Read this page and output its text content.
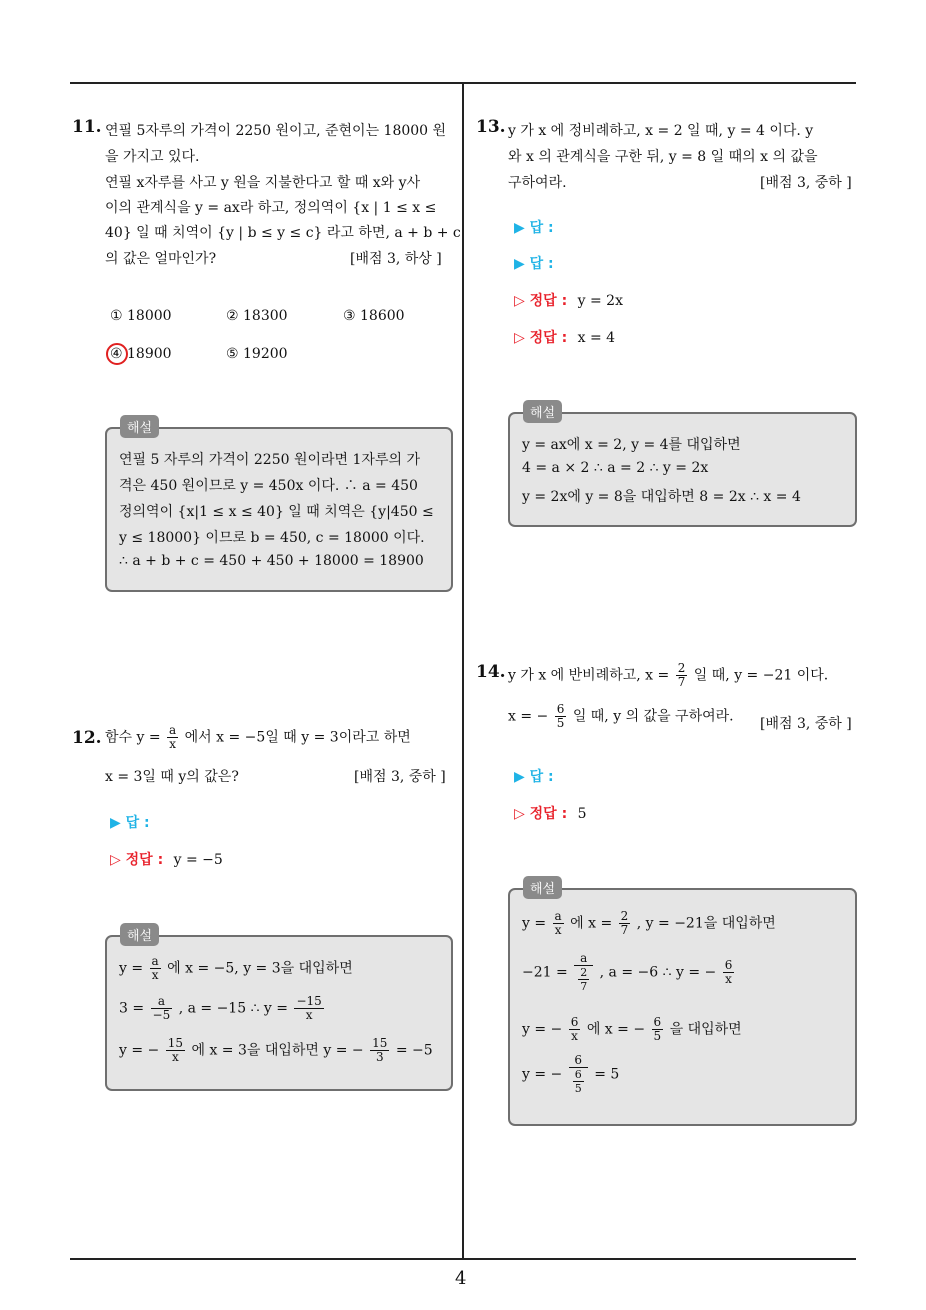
4
11. 연필 5자루의 가격이 2250 원이고, 준현이는 18000 원
을 가지고 있다.
연필 x자루를 사고 y 원을 지불한다고 할 때 x와 y사
이의 관계식을 y = ax라 하고, 정의역이 {x | 1 ≤ x ≤
40} 일 때 치역이 {y | b ≤ y ≤ c} 라고 하면, a + b + c
의 값은 얼마인가?	[배점 3, 하상 ]
① 18000	② 18300	③ 18600
④ 18900	⑤ 19200
해설
연필 5 자루의 가격이 2250 원이라면 1자루의 가
격은 450 원이므로 y = 450x 이다. ∴ a = 450
정의역이 {x|1 ≤ x ≤ 40} 일 때 치역은 {y|450 ≤
y ≤ 18000} 이므로 b = 450, c = 18000 이다.
∴ a + b + c = 450 + 450 + 18000 = 18900
12. 함수 $y = \frac{a}{x}$ 에서 x = −5일 때 y = 3이라고 하면
x = 3일 때 y의 값은?	[배점 3, 중하 ]
▶ 답 :
▷ 정답 : y = −5
해설
$y = \frac{a}{x}$ 에 x = −5, y = 3을 대입하면
$3 = \frac{a}{-5}$ , a = −15 ∴ $y = \frac{-15}{x}$
y = − $\frac{15}{x}$ 에 x = 3을 대입하면 y = − $\frac{15}{3} = -5$
13. y 가 x 에 정비례하고, x = 2 일 때, y = 4 이다. y
와 x 의 관계식을 구한 뒤, y = 8 일 때의 x 의 값을
구하여라.	[배점 3, 중하 ]
▶ 답 :
▶ 답 :
▷ 정답 : y = 2x
▷ 정답 : x = 4
해설
y = ax에 x = 2, y = 4를 대입하면
4 = a × 2 ∴ a = 2 ∴ y = 2x
y = 2x에 y = 8을 대입하면 8 = 2x ∴ x = 4
14. y 가 x 에 반비례하고, $x = \frac{2}{7}$ 일 때, y = −21 이다.
x = − $\frac{6}{5}$ 일 때, y 의 값을 구하여라. [배점 3, 중하 ]
▶ 답 :
▷ 정답 : 5
해설
$y = \frac{a}{x}$ 에 $x = \frac{2}{7}$ , y = −21을 대입하면
$-21 = \frac{a}{\frac{2}{7}}$ , a = −6 ∴ y = − $\frac{6}{x}$
y = − $\frac{6}{x}$ 에 x = − $\frac{6}{5}$ 을 대입하면
y = − $\frac{6}{\frac{6}{5}} = 5$
